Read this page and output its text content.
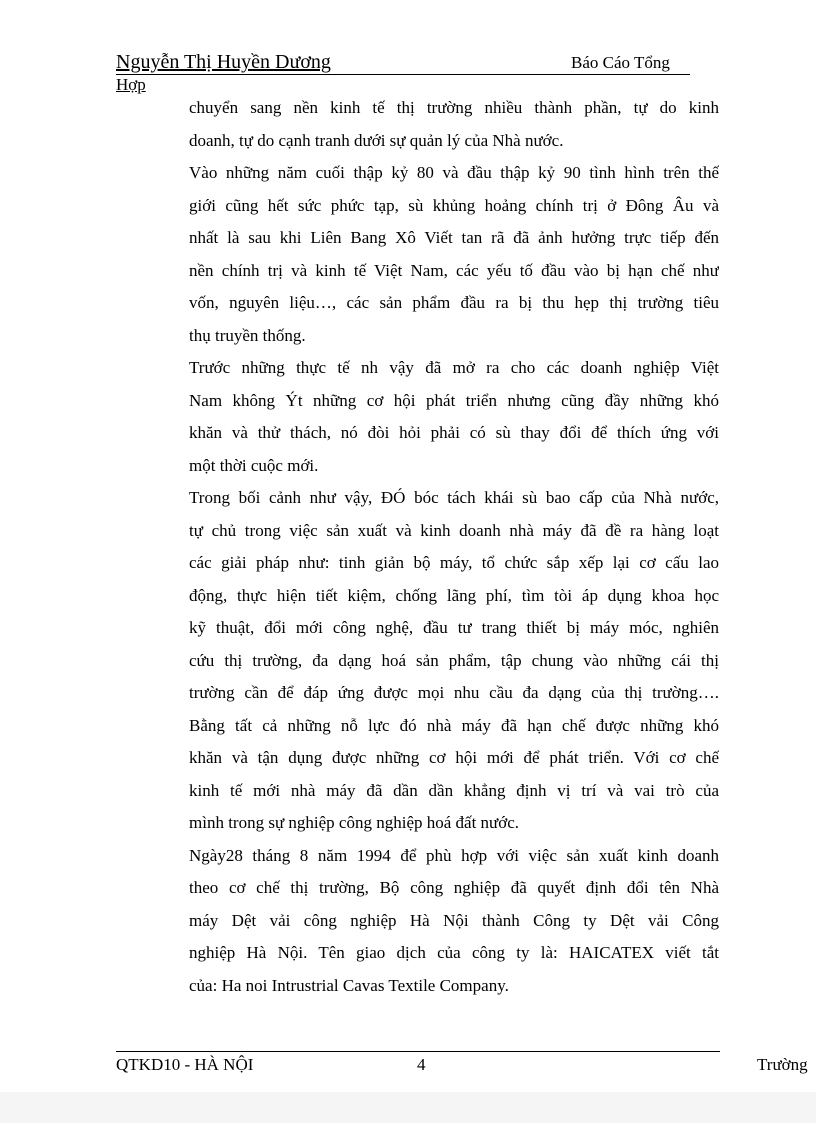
Nguyễn Thị Huyền Dương	Báo Cáo Tổng
Hợp
chuyển sang nền kinh tế thị trường nhiều thành phần, tự do kinh
doanh, tự do cạnh tranh dưới sự quản lý của Nhà nước.
Vào những năm cuối thập kỷ 80 và đầu thập kỷ 90 tình hình trên thế
giới cũng hết sức phức tạp, sù khủng hoảng chính trị ở Đông Âu và
nhất là sau khi Liên Bang Xô Viết tan rã đã ảnh hưởng trực tiếp đến
nền chính trị và kinh tế Việt Nam, các yếu tố đầu vào bị hạn chế như
vốn, nguyên liệu…, các sản phẩm đầu ra bị thu hẹp thị trường tiêu
thụ truyền thống.
Trước những thực tế nh vậy đã mở ra cho các doanh nghiệp Việt
Nam không Ýt những cơ hội phát triển nhưng cũng đầy những khó
khăn và thử thách, nó đòi hỏi phải có sù thay đổi để thích ứng với
một thời cuộc mới.
Trong bối cảnh như vậy, ĐÓ bóc tách khái sù bao cấp của Nhà nước,
tự chủ trong việc sản xuất và kinh doanh nhà máy đã đề ra hàng loạt
các giải pháp như: tinh giản bộ máy, tổ chức sắp xếp lại cơ cấu lao
động, thực hiện tiết kiệm, chống lãng phí, tìm tòi áp dụng khoa học
kỹ thuật, đổi mới công nghệ, đầu tư trang thiết bị máy móc, nghiên
cứu thị trường, đa dạng hoá sản phẩm, tập chung vào những cái thị
trường cần để đáp ứng được mọi nhu cầu đa dạng của thị trường….
Bằng tất cả những nỗ lực đó nhà máy đã hạn chế được những khó
khăn và tận dụng được những cơ hội mới để phát triển. Với cơ chế
kinh tế mới nhà máy đã dần dần khẳng định vị trí và vai trò của
mình trong sự nghiệp công nghiệp hoá đất nước.
Ngày28 tháng 8 năm 1994 để phù hợp với việc sản xuất kinh doanh
theo cơ chế thị trường, Bộ công nghiệp đã quyết định đổi tên Nhà
máy Dệt vải công nghiệp Hà Nội thành Công ty Dệt vải Công
nghiệp Hà Nội. Tên giao dịch của công ty là: HAICATEX viết tắt
của: Ha noi Intrustrial Cavas Textile Company.
QTKD10 - HÀ NỘI	4	Trường
